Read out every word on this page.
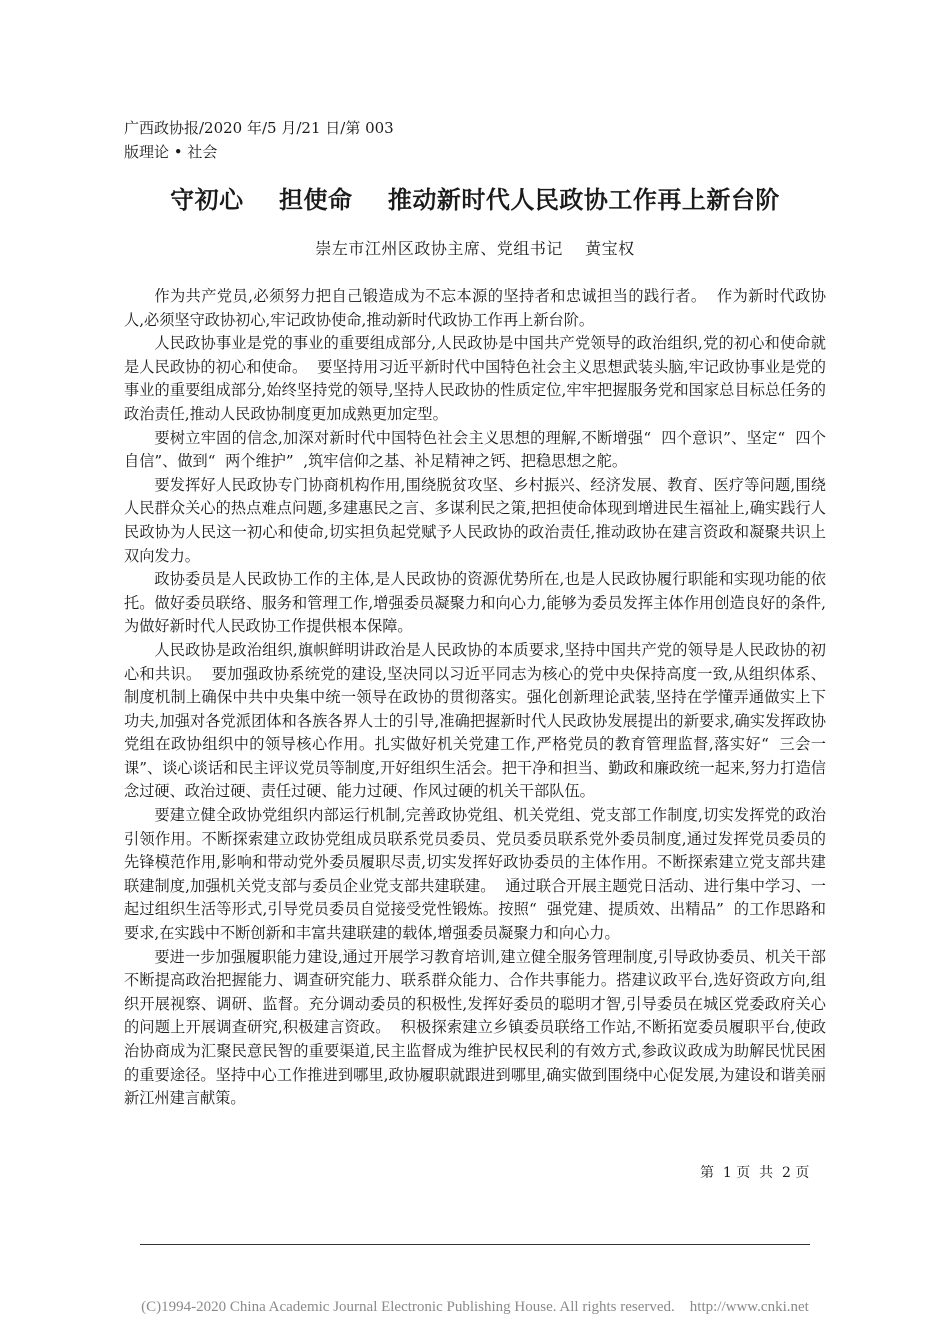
广西政协报/2020 年/5 月/21 日/第 003
版理论 • 社会
守初心    担使命    推动新时代人民政协工作再上新台阶
崇左市江州区政协主席、党组书记    黄宝权

作为共产党员,必须努力把自己锻造成为不忘本源的坚持者和忠诚担当的践行者。  作为新时代政协人,必须坚守政协初心,牢记政协使命,推动新时代政协工作再上新台阶。

人民政协事业是党的事业的重要组成部分,人民政协是中国共产党领导的政治组织,党的初心和使命就是人民政协的初心和使命。  要坚持用习近平新时代中国特色社会主义思想武装头脑,牢记政协事业是党的事业的重要组成部分,始终坚持党的领导,坚持人民政协的性质定位,牢牢把握服务党和国家总目标总任务的政治责任,推动人民政协制度更加成熟更加定型。

要树立牢固的信念,加深对新时代中国特色社会主义思想的理解,不断增强“  四个意识”、坚定“  四个自信”、做到“  两个维护”  ,筑牢信仰之基、补足精神之钙、把稳思想之舵。

要发挥好人民政协专门协商机构作用,围绕脱贫攻坚、乡村振兴、经济发展、教育、医疗等问题,围绕人民群众关心的热点难点问题,多建惠民之言、多谋利民之策,把担使命体现到增进民生福祉上,确实践行人民政协为人民这一初心和使命,切实担负起党赋予人民政协的政治责任,推动政协在建言资政和凝聚共识上双向发力。

政协委员是人民政协工作的主体,是人民政协的资源优势所在,也是人民政协履行职能和实现功能的依托。做好委员联络、服务和管理工作,增强委员凝聚力和向心力,能够为委员发挥主体作用创造良好的条件,为做好新时代人民政协工作提供根本保障。

人民政协是政治组织,旗帜鲜明讲政治是人民政协的本质要求,坚持中国共产党的领导是人民政协的初心和共识。  要加强政协系统党的建设,坚决同以习近平同志为核心的党中央保持高度一致,从组织体系、制度机制上确保中共中央集中统一领导在政协的贯彻落实。强化创新理论武装,坚持在学懂弄通做实上下功夫,加强对各党派团体和各族各界人士的引导,准确把握新时代人民政协发展提出的新要求,确实发挥政协党组在政协组织中的领导核心作用。扎实做好机关党建工作,严格党员的教育管理监督,落实好“  三会一课”、谈心谈话和民主评议党员等制度,开好组织生活会。把干净和担当、勤政和廉政统一起来,努力打造信念过硬、政治过硬、责任过硬、能力过硬、作风过硬的机关干部队伍。

要建立健全政协党组织内部运行机制,完善政协党组、机关党组、党支部工作制度,切实发挥党的政治引领作用。不断探索建立政协党组成员联系党员委员、党员委员联系党外委员制度,通过发挥党员委员的先锋模范作用,影响和带动党外委员履职尽责,切实发挥好政协委员的主体作用。不断探索建立党支部共建联建制度,加强机关党支部与委员企业党支部共建联建。  通过联合开展主题党日活动、进行集中学习、一起过组织生活等形式,引导党员委员自觉接受党性锻炼。按照“  强党建、提质效、出精品”  的工作思路和要求,在实践中不断创新和丰富共建联建的载体,增强委员凝聚力和向心力。

要进一步加强履职能力建设,通过开展学习教育培训,建立健全服务管理制度,引导政协委员、机关干部不断提高政治把握能力、调查研究能力、联系群众能力、合作共事能力。搭建议政平台,选好资政方向,组织开展视察、调研、监督。充分调动委员的积极性,发挥好委员的聪明才智,引导委员在城区党委政府关心的问题上开展调查研究,积极建言资政。  积极探索建立乡镇委员联络工作站,不断拓宽委员履职平台,使政治协商成为汇聚民意民智的重要渠道,民主监督成为维护民权民利的有效方式,参政议政成为助解民忧民困的重要途径。坚持中心工作推进到哪里,政协履职就跟进到哪里,确实做到围绕中心促发展,为建设和谐美丽新江州建言献策。

第  1 页  共  2 页
(C)1994-2020 China Academic Journal Electronic Publishing House. All rights reserved.    http://www.cnki.net
